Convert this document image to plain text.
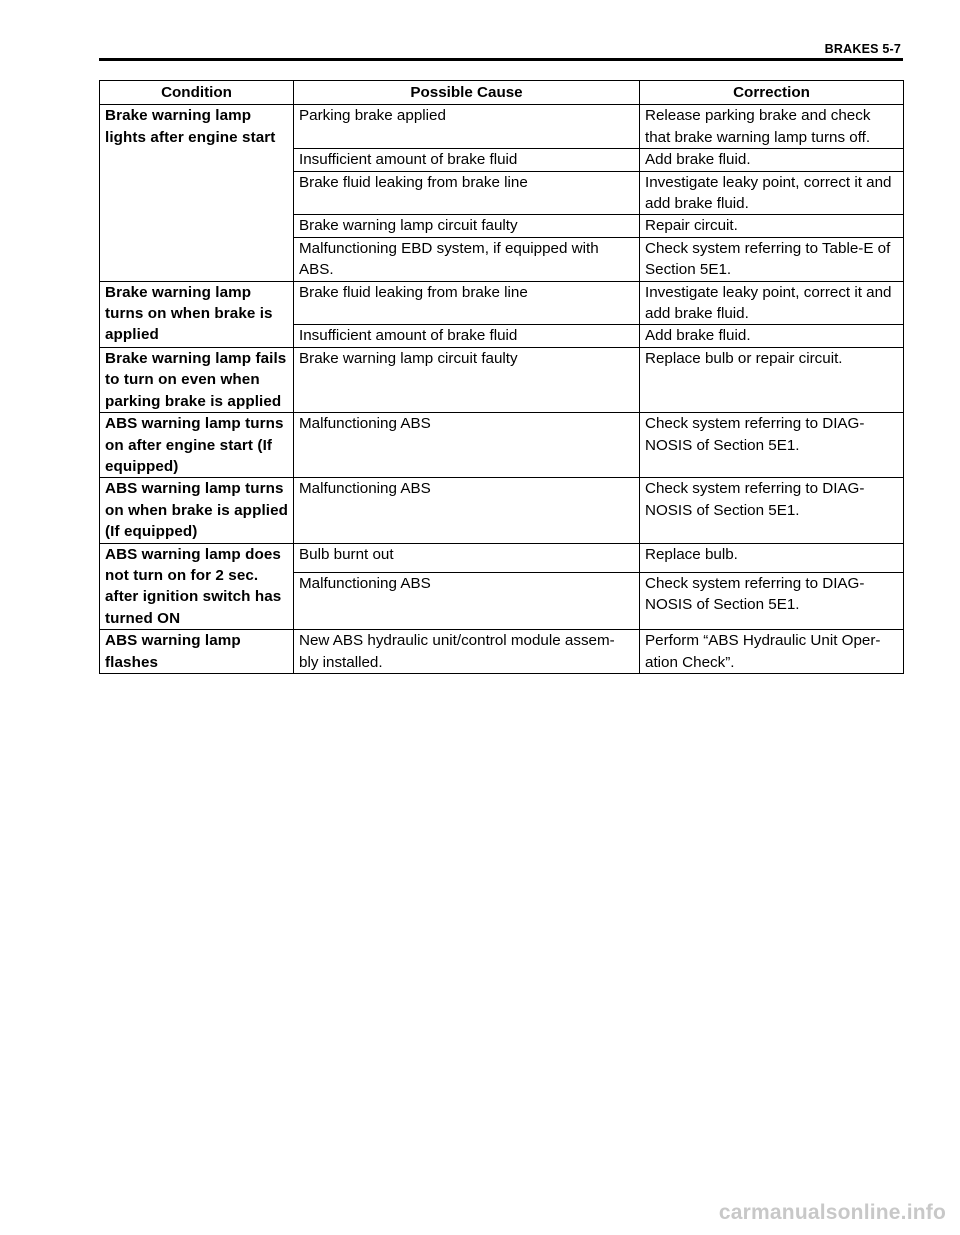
BRAKES 5-7
Condition	Possible Cause	Correction
Brake warning lamp lights after engine start	Parking brake applied	Release parking brake and check that brake warning lamp turns off.
	Insufficient amount of brake fluid	Add brake fluid.
	Brake fluid leaking from brake line	Investigate leaky point, correct it and add brake fluid.
	Brake warning lamp circuit faulty	Repair circuit.
	Malfunctioning EBD system, if equipped with ABS.	Check system referring to Table-E of Section 5E1.
Brake warning lamp turns on when brake is applied	Brake fluid leaking from brake line	Investigate leaky point, correct it and add brake fluid.
	Insufficient amount of brake fluid	Add brake fluid.
Brake warning lamp fails to turn on even when parking brake is applied	Brake warning lamp circuit faulty	Replace bulb or repair circuit.
ABS warning lamp turns on after engine start (If equipped)	Malfunctioning ABS	Check system referring to DIAG-NOSIS of Section 5E1.
ABS warning lamp turns on when brake is applied (If equipped)	Malfunctioning ABS	Check system referring to DIAG-NOSIS of Section 5E1.
ABS warning lamp does not turn on for 2 sec. after ignition switch has turned ON	Bulb burnt out	Replace bulb.
	Malfunctioning ABS	Check system referring to DIAG-NOSIS of Section 5E1.
ABS warning lamp flashes	New ABS hydraulic unit/control module assem-bly installed.	Perform “ABS Hydraulic Unit Oper-ation Check”.
carmanualsonline.info
